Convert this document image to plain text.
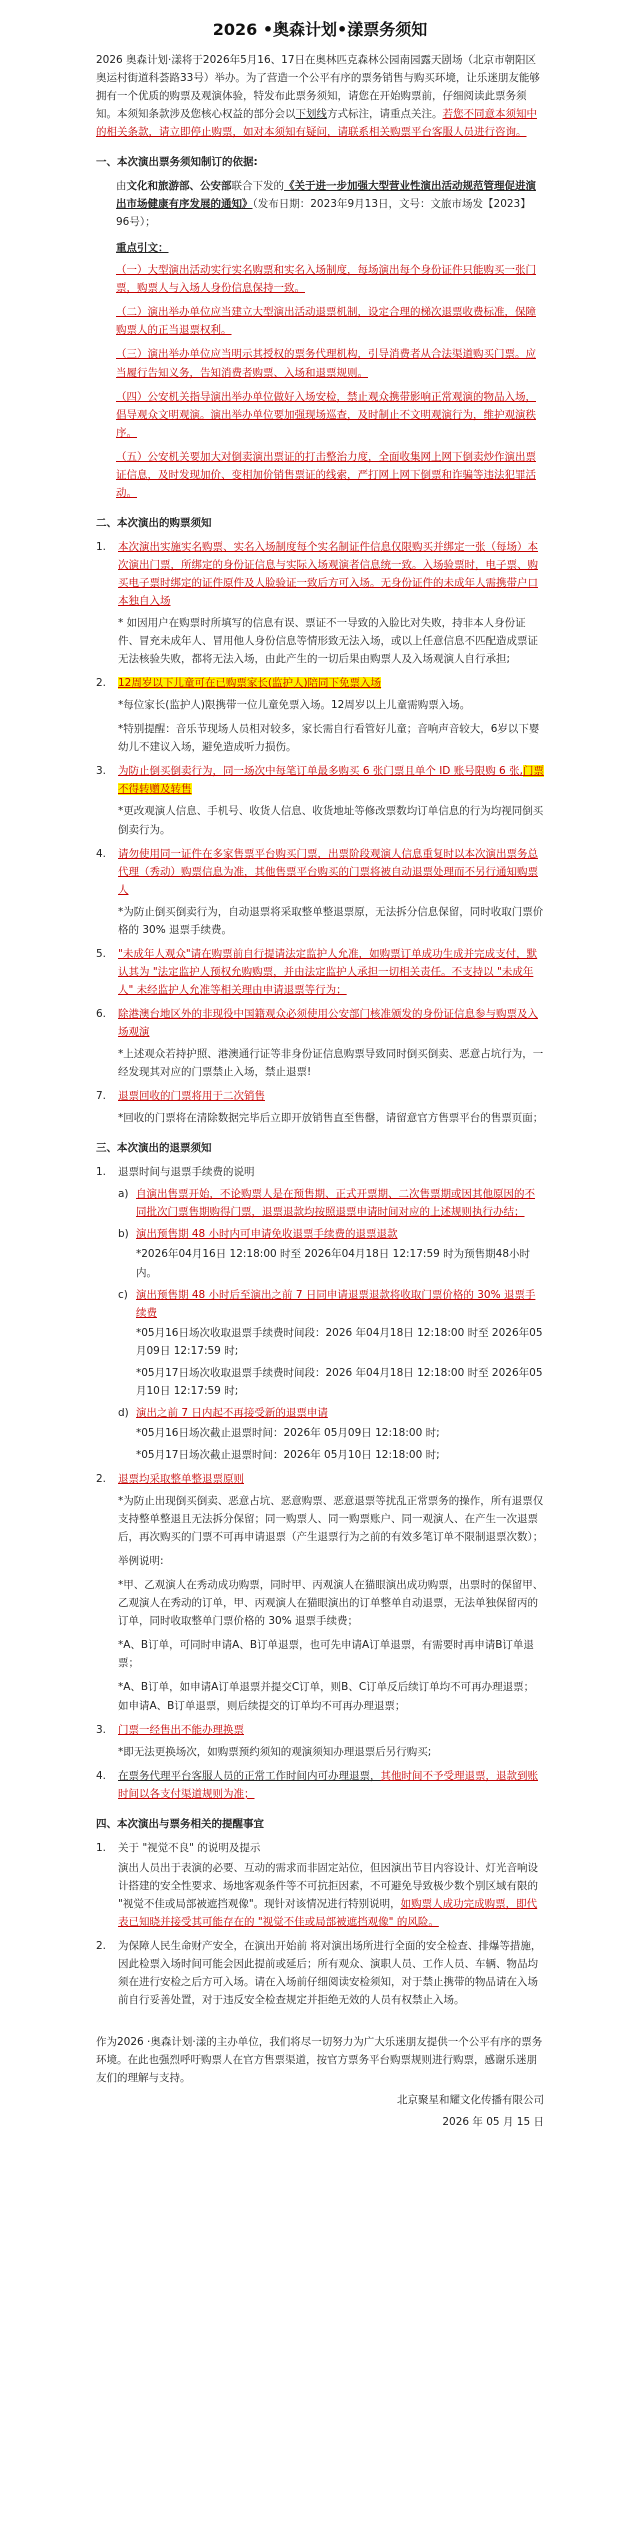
2026 •奥森计划•漾票务须知

2026 奥森计划·漾将于2026年5月16、17日在奥林匹克森林公园南园露天剧场（北京市朝阳区奥运村街道科荟路33号）举办。为了营造一个公平有序的票务销售与购买环境，让乐迷朋友能够拥有一个优质的购票及观演体验，特发布此票务须知，请您在开始购票前，仔细阅读此票务须知。本须知条款涉及您核心权益的部分会以下划线方式标注，请重点关注。若您不同意本须知中的相关条款，请立即停止购票，如对本须知有疑问，请联系相关购票平台客服人员进行咨询。

一、本次演出票务须知制订的依据:

由文化和旅游部、公安部联合下发的《关于进一步加强大型营业性演出活动规范管理促进演出市场健康有序发展的通知》（发布日期：2023年9月13日，文号：文旅市场发【2023】96号）；

重点引文：

（一）大型演出活动实行实名购票和实名入场制度，每场演出每个身份证件只能购买一张门票，购票人与入场人身份信息保持一致。

（二）演出举办单位应当建立大型演出活动退票机制，设定合理的梯次退票收费标准，保障购票人的正当退票权利。

（三）演出举办单位应当明示其授权的票务代理机构，引导消费者从合法渠道购买门票。应当履行告知义务，告知消费者购票、入场和退票规则。

（四）公安机关指导演出举办单位做好入场安检，禁止观众携带影响正常观演的物品入场，倡导观众文明观演。演出举办单位要加强现场巡查，及时制止不文明观演行为，维护观演秩序。

（五）公安机关要加大对倒卖演出票证的打击整治力度，全面收集网上网下倒卖炒作演出票证信息，及时发现加价、变相加价销售票证的线索，严打网上网下倒票和诈骗等违法犯罪活动。

二、本次演出的购票须知

1.	本次演出实施实名购票、实名入场制度每个实名制证件信息仅限购买并绑定一张（每场）本次演出门票，所绑定的身份证信息与实际入场观演者信息统一致。入场验票时，电子票、购买电子票时绑定的证件原件及人脸验证一致后方可入场。无身份证件的未成年人需携带户口本独自入场

* 如因用户在购票时所填写的信息有误、票证不一导致的入脸比对失败，持非本人身份证件、冒充未成年人、冒用他人身份信息等情形致无法入场，或以上任意信息不匹配造成票证无法核验失败，都将无法入场，由此产生的一切后果由购票人及入场观演人自行承担;

2.	12周岁以下儿童可在已购票家长(监护人)陪同下免票入场

*每位家长(监护人)限携带一位儿童免票入场。12周岁以上儿童需购票入场。

*特别提醒：音乐节现场人员相对较多，家长需自行看管好儿童；音响声音较大，6岁以下婴幼儿不建议入场，避免造成听力损伤。

3.	为防止倒买倒卖行为，同一场次中每笔订单最多购买 6 张门票且单个 ID 账号限购 6 张,门票不得转赠及转售

*更改观演人信息、手机号、收货人信息、收货地址等修改票数均订单信息的行为均视同倒买倒卖行为。

4.	请勿使用同一证件在多家售票平台购买门票，出票阶段观演人信息重复时以本次演出票务总代理（秀动）购票信息为准，其他售票平台购买的门票将被自动退票处理而不另行通知购票人

*为防止倒买倒卖行为，自动退票将采取整单整退票原，无法拆分信息保留，同时收取门票价格的 30% 退票手续费。

5.	"未成年人观众"请在购票前自行提请法定监护人允准，如购票订单成功生成并完成支付，默认其为 "法定监护人预权允购购票，并由法定监护人承担一切相关责任。不支持以 "未成年人" 未经监护人允准等相关理由申请退票等行为；
6.	除港澳台地区外的非现役中国籍观众必须使用公安部门核准颁发的身份证信息参与购票及入场观演

*上述观众若持护照、港澳通行证等非身份证信息购票导致同时倒买倒卖、恶意占坑行为，一经发现其对应的门票禁止入场，禁止退票!

7.	退票回收的门票将用于二次销售

*回收的门票将在清除数据完毕后立即开放销售直至售罄，请留意官方售票平台的售票页面；

三、本次演出的退票须知

1.	退票时间与退票手续费的说明
a) 自演出售票开始，不论购票人是在预售期、正式开票期、二次售票期或因其他原因的不同批次门票售期购得门票，退票退款均按照退票申请时间对应的上述规则执行办结；
b) 演出预售期 48 小时内可申请免收退票手续费的退票退款

*2026年04月16日 12:18:00 时至 2026年04月18日 12:17:59 时为预售期48小时内。

c) 演出预售期 48 小时后至演出之前 7 日同申请退票退款将收取门票价格的 30% 退票手续费

*05月16日场次收取退票手续费时间段：2026 年04月18日 12:18:00 时至 2026年05月09日 12:17:59 时;

*05月17日场次收取退票手续费时间段：2026 年04月18日 12:18:00 时至 2026年05月10日 12:17:59 时;

d) 演出之前 7 日内起不再接受新的退票申请

*05月16日场次截止退票时间：2026年 05月09日 12:18:00 时;

*05月17日场次截止退票时间：2026年 05月10日 12:18:00 时;

2.	退票均采取整单整退票原则

*为防止出现倒买倒卖、恶意占坑、恶意购票、恶意退票等扰乱正常票务的操作，所有退票仅支持整单整退且无法拆分保留；同一购票人、同一购票账户、同一观演人、在产生一次退票后，再次购买的门票不可再申请退票（产生退票行为之前的有效多笔订单不限制退票次数）；

举例说明:

*甲、乙观演人在秀动成功购票，同时甲、丙观演人在猫眼演出成功购票，出票时的保留甲、乙观演人在秀动的订单，甲、丙观演人在猫眼演出的订单整单自动退票，无法单独保留丙的订单，同时收取整单门票价格的 30% 退票手续费；

*A、B订单，可同时申请A、B订单退票，也可先申请A订单退票，有需要时再申请B订单退票；

*A、B订单，如申请A订单退票并提交C订单，则B、C订单反后续订单均不可再办理退票；如申请A、B订单退票，则后续提交的订单均不可再办理退票；

3.	门票一经售出不能办理换票

*即无法更换场次，如购票预约须知的观演须知办理退票后另行购买;

4.	在票务代理平台客服人员的正常工作时间内可办理退票，其他时间不予受理退票，退款到账时间以各支付渠道规则为准；

四、本次演出与票务相关的提醒事宜

1.	关于 "视觉不良" 的说明及提示

演出人员出于表演的必要、互动的需求而非固定站位，但因演出节目内容设计、灯光音响设计搭建的安全性要求、场地客观条件等不可抗拒因素，不可避免导致极少数个别区域有限的 "视觉不佳或局部被遮挡观像"。现针对该情况进行特别说明，如购票人成功完成购票，即代表已知晓并接受其可能存在的 "视觉不佳或局部被遮挡观像" 的风险。

2.	为保障人民生命财产安全，在演出开始前 将对演出场所进行全面的安全检查、排爆等措施，因此检票入场时间可能会因此提前或延后；所有观众、演职人员、工作人员、车辆、物品均须在进行安检之后方可入场。请在入场前仔细阅读安检须知，对于禁止携带的物品请在入场前自行妥善处置，对于违反安全检查规定并拒绝无效的人员有权禁止入场。

作为2026 ·奥森计划·漾的主办单位，我们将尽一切努力为广大乐迷朋友提供一个公平有序的票务环境。在此也强烈呼吁购票人在官方售票渠道，按官方票务平台购票规则进行购票，感谢乐迷朋友们的理解与支持。

北京聚星和耀文化传播有限公司

2026 年 05 月 15 日
